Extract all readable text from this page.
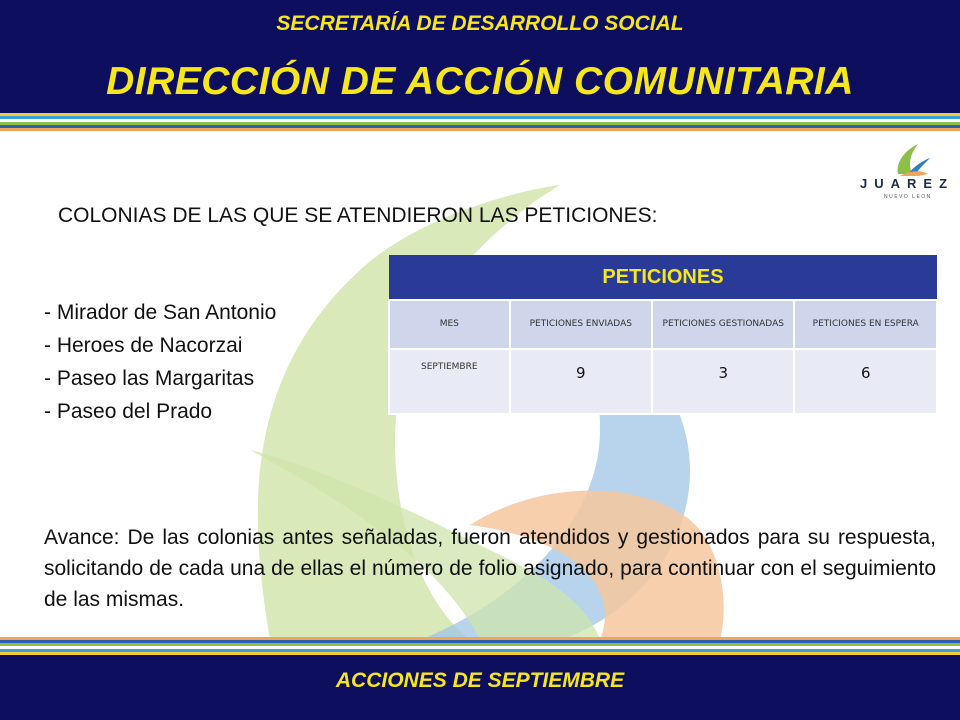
SECRETARÍA DE DESARROLLO SOCIAL
DIRECCIÓN DE ACCIÓN COMUNITARIA
JUAREZ
NUEVO LEON
COLONIAS DE LAS QUE SE ATENDIERON LAS PETICIONES:
- Mirador de San Antonio
- Heroes de Nacorzai
- Paseo las Margaritas
- Paseo del Prado
PETICIONES			
MES	PETICIONES ENVIADAS	PETICIONES GESTIONADAS	PETICIONES EN ESPERA
SEPTIEMBRE	9	3	6

Avance: De las colonias antes señaladas, fueron atendidos y gestionados para su respuesta, solicitando de cada una de ellas el número de folio asignado, para continuar con el seguimiento de las mismas.

ACCIONES DE SEPTIEMBRE
